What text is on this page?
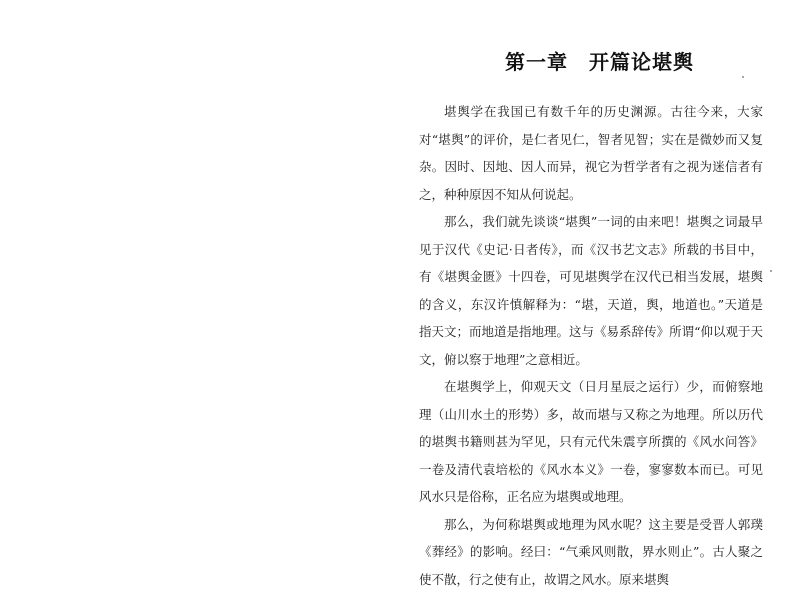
第一章　开篇论堪舆

堪舆学在我国已有数千年的历史渊源。古往今来，大家对“堪舆”的评价，是仁者见仁，智者见智；实在是微妙而又复杂。因时、因地、因人而异，视它为哲学者有之视为迷信者有之，种种原因不知从何说起。

那么，我们就先谈谈“堪舆”一词的由来吧！堪舆之词最早见于汉代《史记·日者传》，而《汉书艺文志》所载的书目中，有《堪舆金匮》十四卷，可见堪舆学在汉代已相当发展，堪舆的含义，东汉许慎解释为：“堪，天道，舆，地道也。”天道是指天文；而地道是指地理。这与《易系辞传》所谓“仰以观于天文，俯以察于地理”之意相近。

在堪舆学上，仰观天文（日月星辰之运行）少，而俯察地理（山川水土的形势）多，故而堪与又称之为地理。所以历代的堪舆书籍则甚为罕见，只有元代朱震亨所撰的《风水问答》一卷及清代袁培松的《风水本义》一卷，寥寥数本而已。可见风水只是俗称，正名应为堪舆或地理。

那么，为何称堪舆或地理为风水呢？这主要是受晋人郭璞《葬经》的影响。经曰：“气乘风则散，界水则止”。古人聚之使不散，行之使有止，故谓之风水。原来堪舆
